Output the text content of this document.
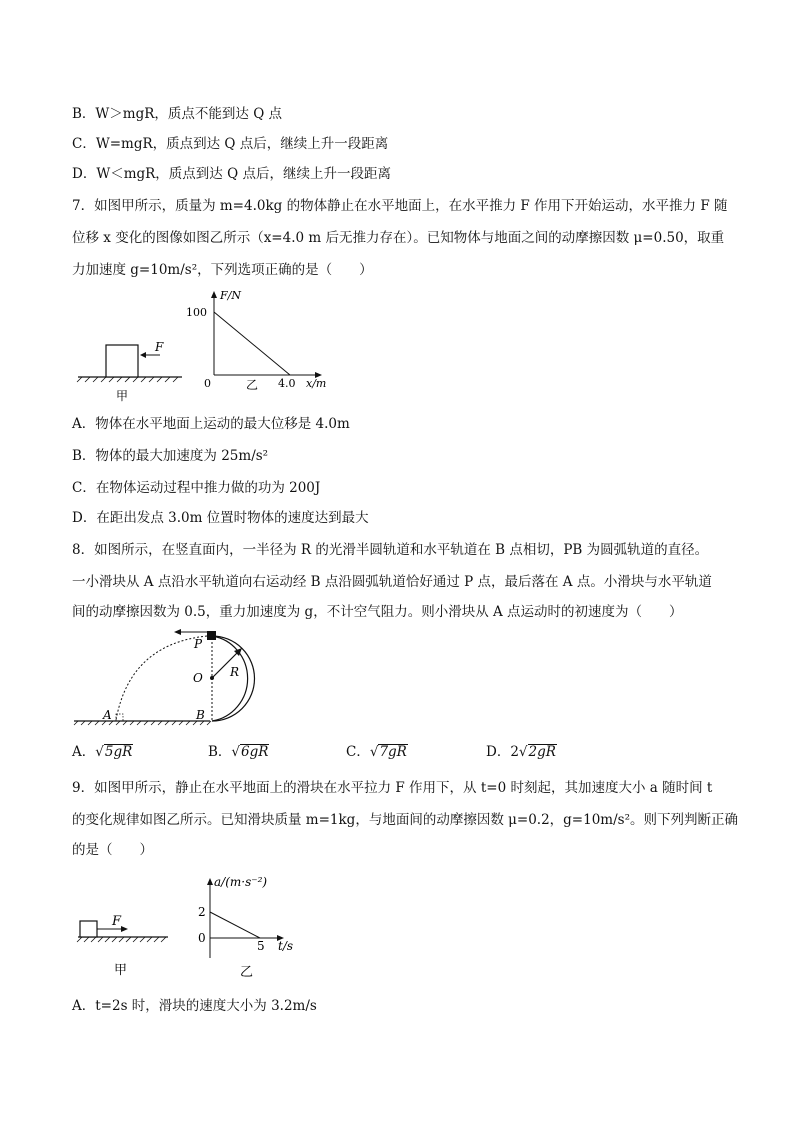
B．W＞mgR，质点不能到达 Q 点
C．W=mgR，质点到达 Q 点后，继续上升一段距离
D．W＜mgR，质点到达 Q 点后，继续上升一段距离
7．如图甲所示，质量为 m=4.0kg 的物体静止在水平地面上，在水平推力 F 作用下开始运动，水平推力 F 随
位移 x 变化的图像如图乙所示（x=4.0 m 后无推力存在）。已知物体与地面之间的动摩擦因数 μ=0.50，取重
力加速度 g=10m/s²，下列选项正确的是（　　）
F
甲
F/N
100
0	4.0 x/m
乙
A．物体在水平地面上运动的最大位移是 4.0m
B．物体的最大加速度为 25m/s²
C．在物体运动过程中推力做的功为 200J
D．在距出发点 3.0m 位置时物体的速度达到最大
8．如图所示，在竖直面内，一半径为 R 的光滑半圆轨道和水平轨道在 B 点相切，PB 为圆弧轨道的直径。
一小滑块从 A 点沿水平轨道向右运动经 B 点沿圆弧轨道恰好通过 P 点，最后落在 A 点。小滑块与水平轨道
间的动摩擦因数为 0.5，重力加速度为 g，不计空气阻力。则小滑块从 A 点运动时的初速度为（　　）
P
O R
A	B
A．√5gR	B．√6gR	C．√7gR	D．2√2gR
9．如图甲所示，静止在水平地面上的滑块在水平拉力 F 作用下，从 t=0 时刻起，其加速度大小 a 随时间 t
的变化规律如图乙所示。已知滑块质量 m=1kg，与地面间的动摩擦因数 μ=0.2，g=10m/s²。则下列判断正确
的是（　　）
F
甲
a/(m·s⁻²)
2
0
5 t/s
乙
A．t=2s 时，滑块的速度大小为 3.2m/s
